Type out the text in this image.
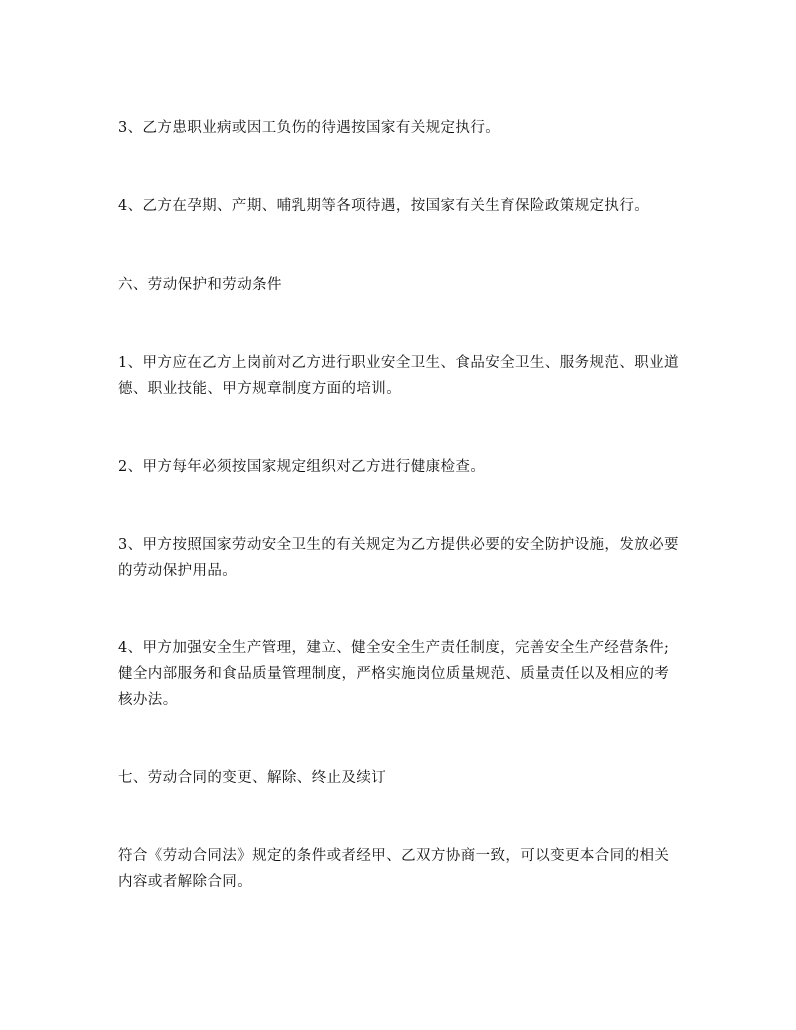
3、乙方患职业病或因工负伤的待遇按国家有关规定执行。

4、乙方在孕期、产期、哺乳期等各项待遇，按国家有关生育保险政策规定执行。

六、劳动保护和劳动条件

1、甲方应在乙方上岗前对乙方进行职业安全卫生、食品安全卫生、服务规范、职业道德、职业技能、甲方规章制度方面的培训。

2、甲方每年必须按国家规定组织对乙方进行健康检查。

3、甲方按照国家劳动安全卫生的有关规定为乙方提供必要的安全防护设施，发放必要的劳动保护用品。

4、甲方加强安全生产管理，建立、健全安全生产责任制度，完善安全生产经营条件;健全内部服务和食品质量管理制度，严格实施岗位质量规范、质量责任以及相应的考核办法。

七、劳动合同的变更、解除、终止及续订

符合《劳动合同法》规定的条件或者经甲、乙双方协商一致，可以变更本合同的相关内容或者解除合同。
